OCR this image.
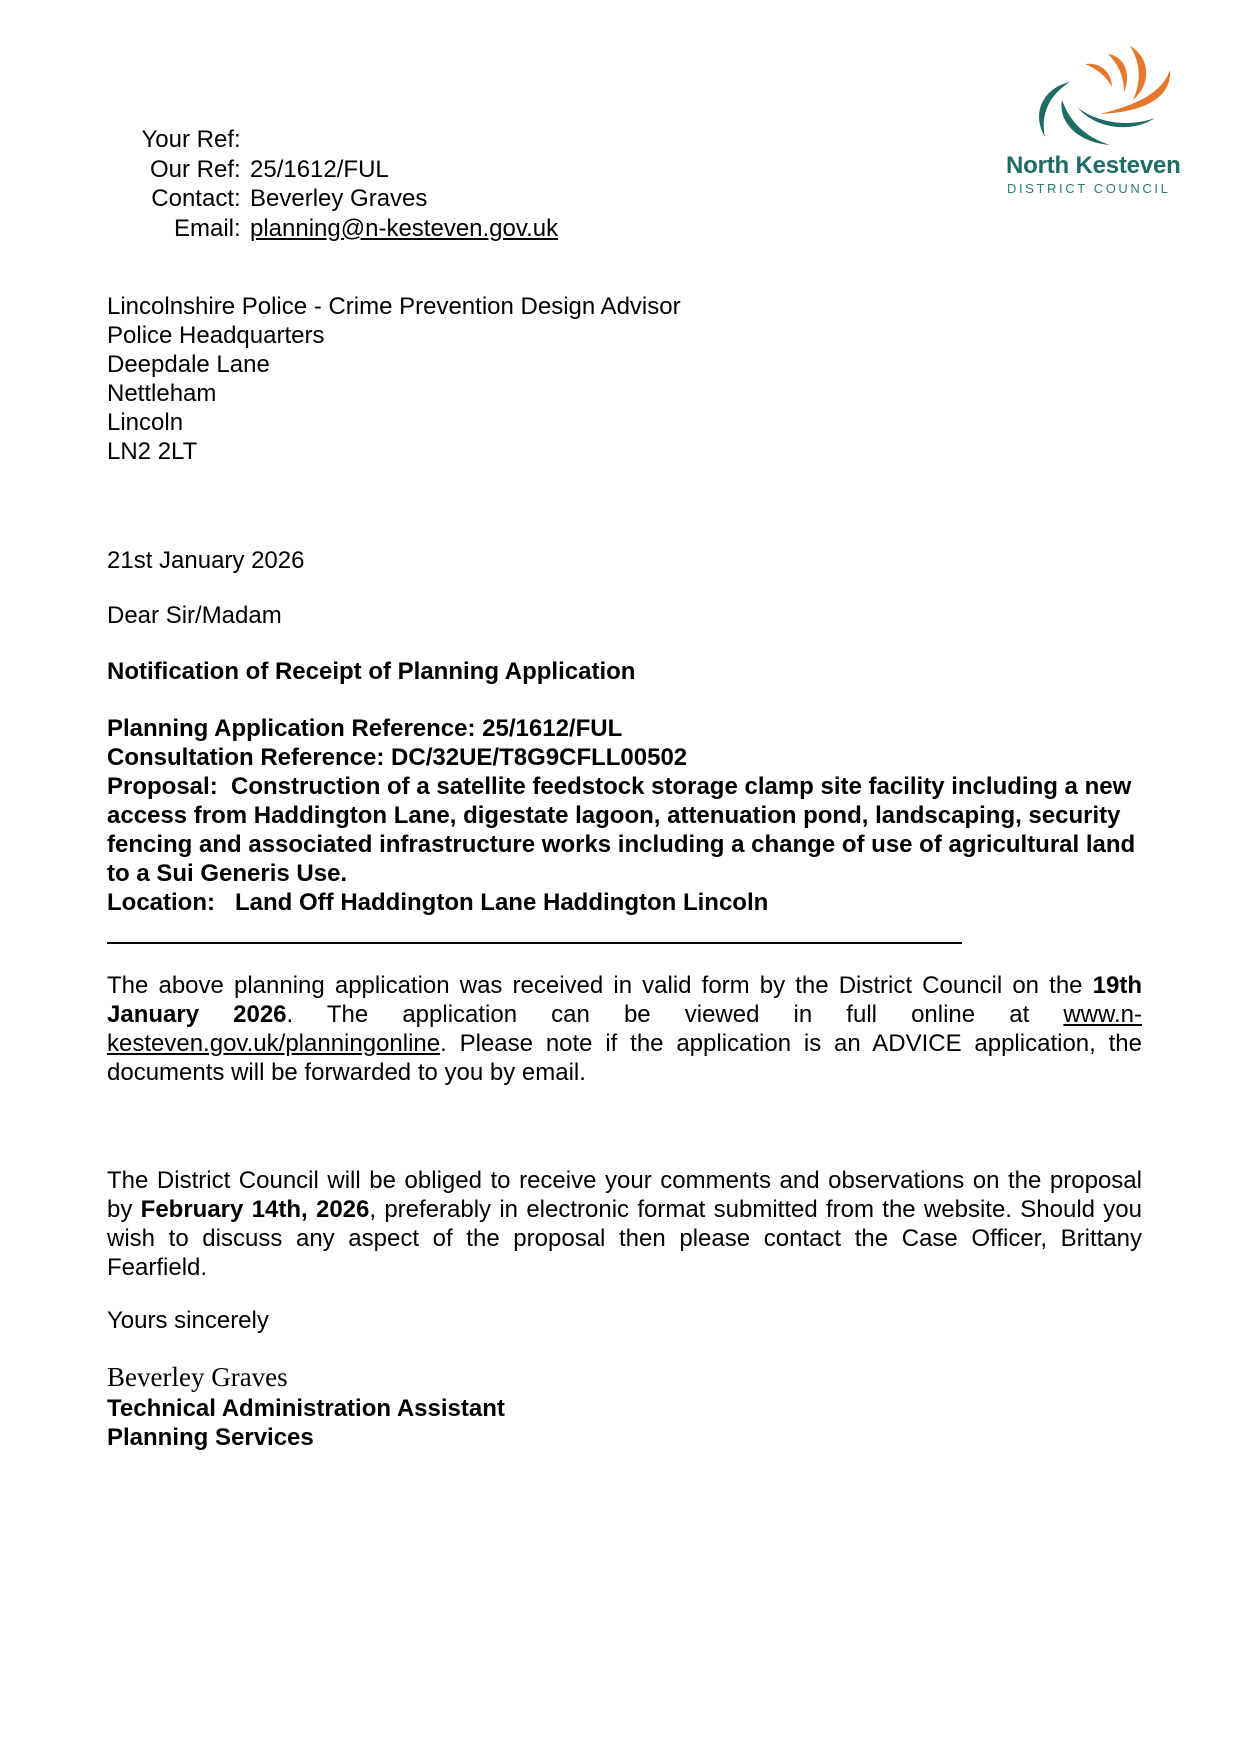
Your Ref :
Our Ref : 25/1612/FUL
Contact : Beverley Graves
Email : planning@n-kesteven.gov.uk
North Kesteven
DISTRICT COUNCIL
Lincolnshire Police - Crime Prevention Design Advisor
Police Headquarters
Deepdale Lane
Nettleham
Lincoln
LN2 2LT
21st January 2026
Dear Sir/Madam
Notification of Receipt of Planning Application
Planning Application Reference: 25/1612/FUL
Consultation Reference: DC/32UE/T8G9CFLL00502
Proposal: Construction of a satellite feedstock storage clamp site facility including a new access from Haddington Lane, digestate lagoon, attenuation pond, landscaping, security fencing and associated infrastructure works including a change of use of agricultural land to a Sui Generis Use.
Location: Land Off Haddington Lane Haddington Lincoln
The above planning application was received in valid form by the District Council on the 19th January 2026. The application can be viewed in full online at www.n-kesteven.gov.uk/planningonline. Please note if the application is an ADVICE application, the documents will be forwarded to you by email.
The District Council will be obliged to receive your comments and observations on the proposal by February 14th, 2026, preferably in electronic format submitted from the website. Should you wish to discuss any aspect of the proposal then please contact the Case Officer, Brittany Fearfield.
Yours sincerely
Beverley Graves
Technical Administration Assistant
Planning Services
